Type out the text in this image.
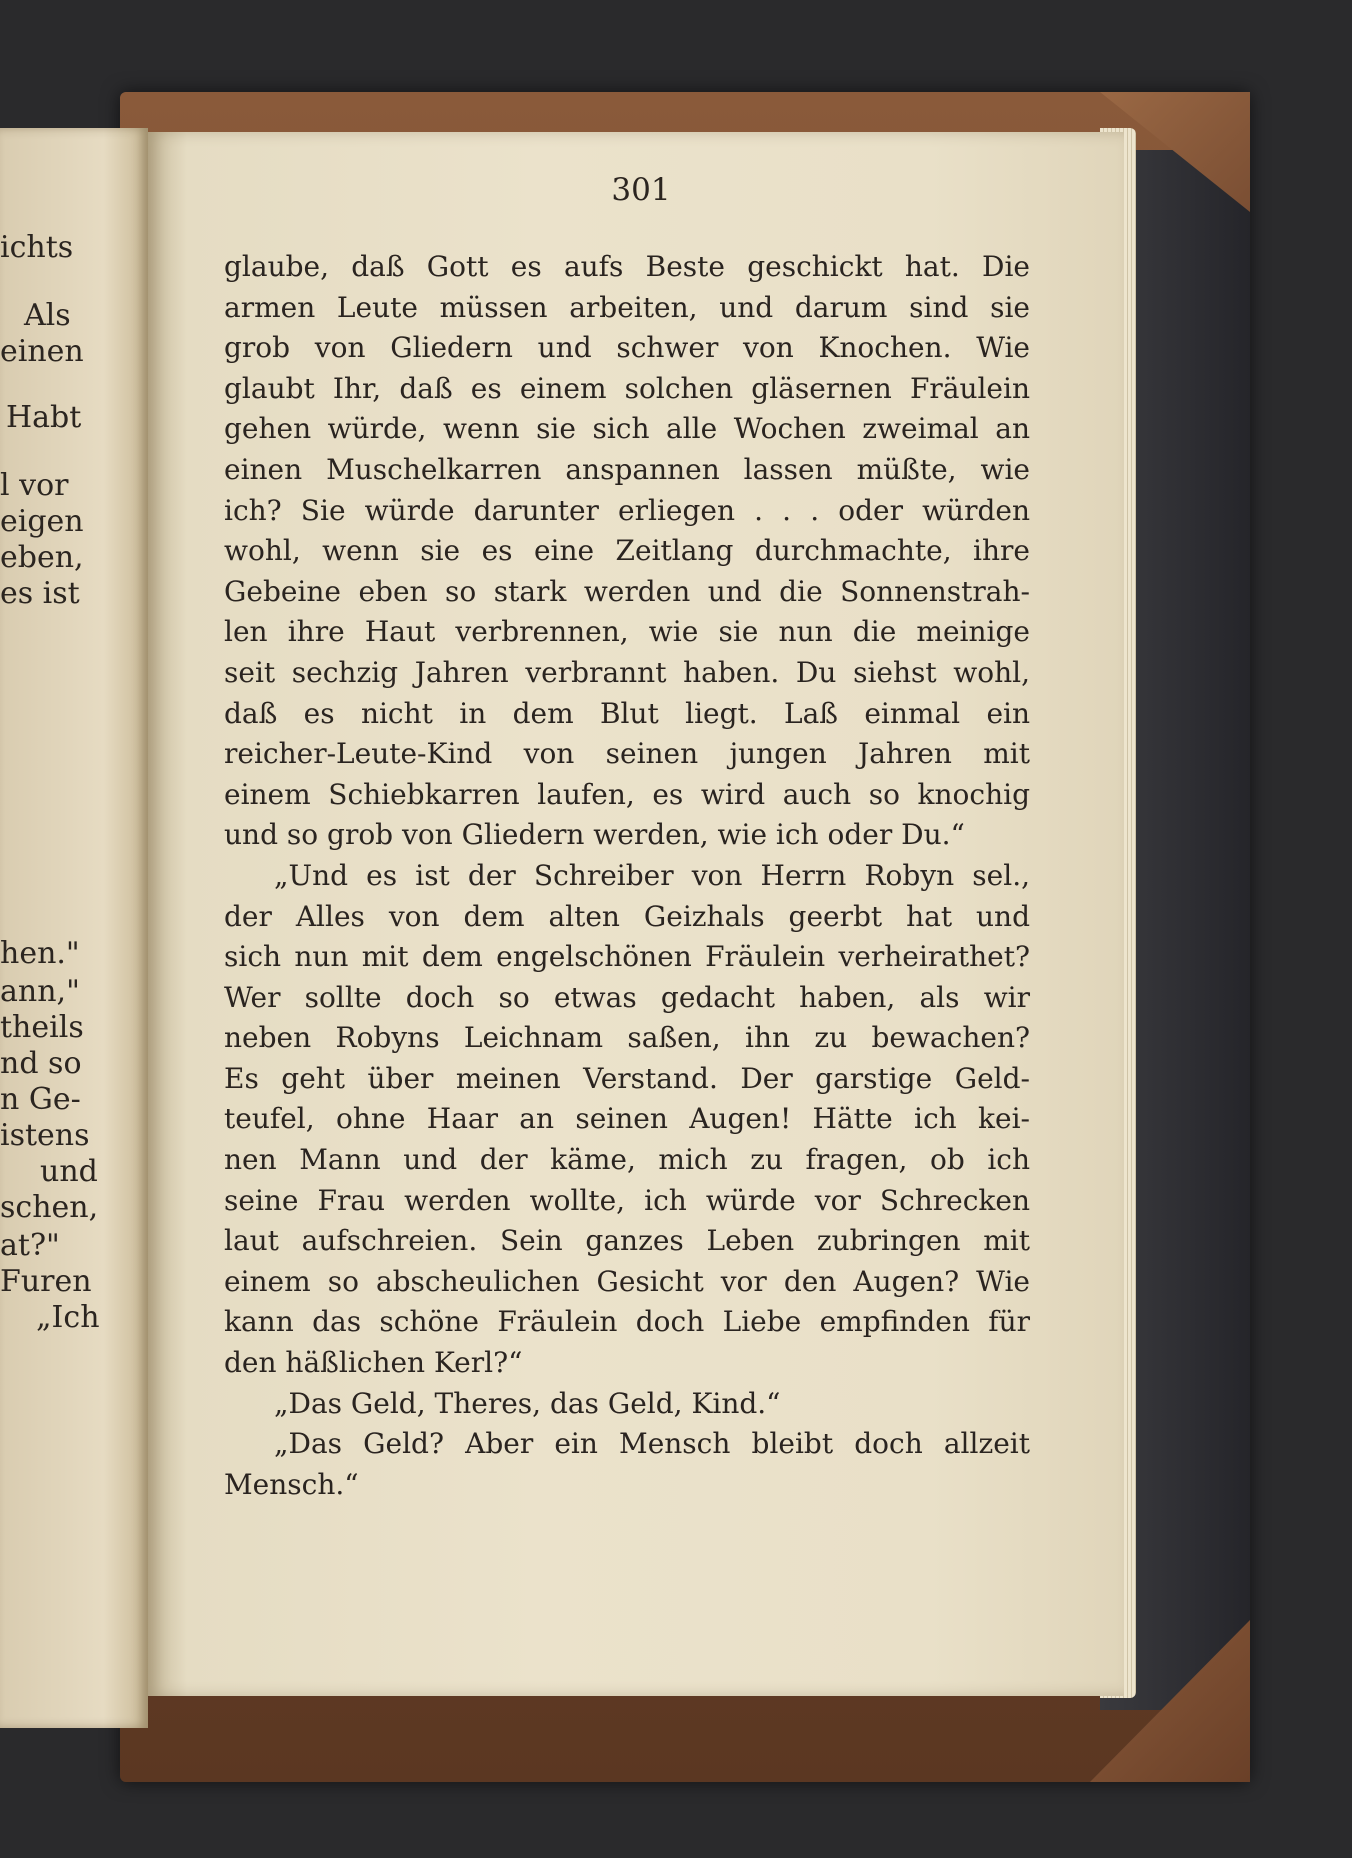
ichts
Als
einen
Habt
l vor
eigen
eben,
es ist
hen."
ann,"
theils
nd so
n Ge-
istens
und
schen,
at?"
Furen
„Ich
301
glaube, daß Gott es aufs Beste geschickt hat. Die
armen Leute müssen arbeiten, und darum sind sie
grob von Gliedern und schwer von Knochen. Wie
glaubt Ihr, daß es einem solchen gläsernen Fräulein
gehen würde, wenn sie sich alle Wochen zweimal an
einen Muschelkarren anspannen lassen müßte, wie
ich? Sie würde darunter erliegen . . . oder würden
wohl, wenn sie es eine Zeitlang durchmachte, ihre
Gebeine eben so stark werden und die Sonnenstrah-
len ihre Haut verbrennen, wie sie nun die meinige
seit sechzig Jahren verbrannt haben. Du siehst wohl,
daß es nicht in dem Blut liegt. Laß einmal ein
reicher-Leute-Kind von seinen jungen Jahren mit
einem Schiebkarren laufen, es wird auch so knochig
und so grob von Gliedern werden, wie ich oder Du.“
„Und es ist der Schreiber von Herrn Robyn sel.,
der Alles von dem alten Geizhals geerbt hat und
sich nun mit dem engelschönen Fräulein verheirathet?
Wer sollte doch so etwas gedacht haben, als wir
neben Robyns Leichnam saßen, ihn zu bewachen?
Es geht über meinen Verstand. Der garstige Geld-
teufel, ohne Haar an seinen Augen! Hätte ich kei-
nen Mann und der käme, mich zu fragen, ob ich
seine Frau werden wollte, ich würde vor Schrecken
laut aufschreien. Sein ganzes Leben zubringen mit
einem so abscheulichen Gesicht vor den Augen? Wie
kann das schöne Fräulein doch Liebe empfinden für
den häßlichen Kerl?“
„Das Geld, Theres, das Geld, Kind.“
„Das Geld? Aber ein Mensch bleibt doch allzeit
Mensch.“
